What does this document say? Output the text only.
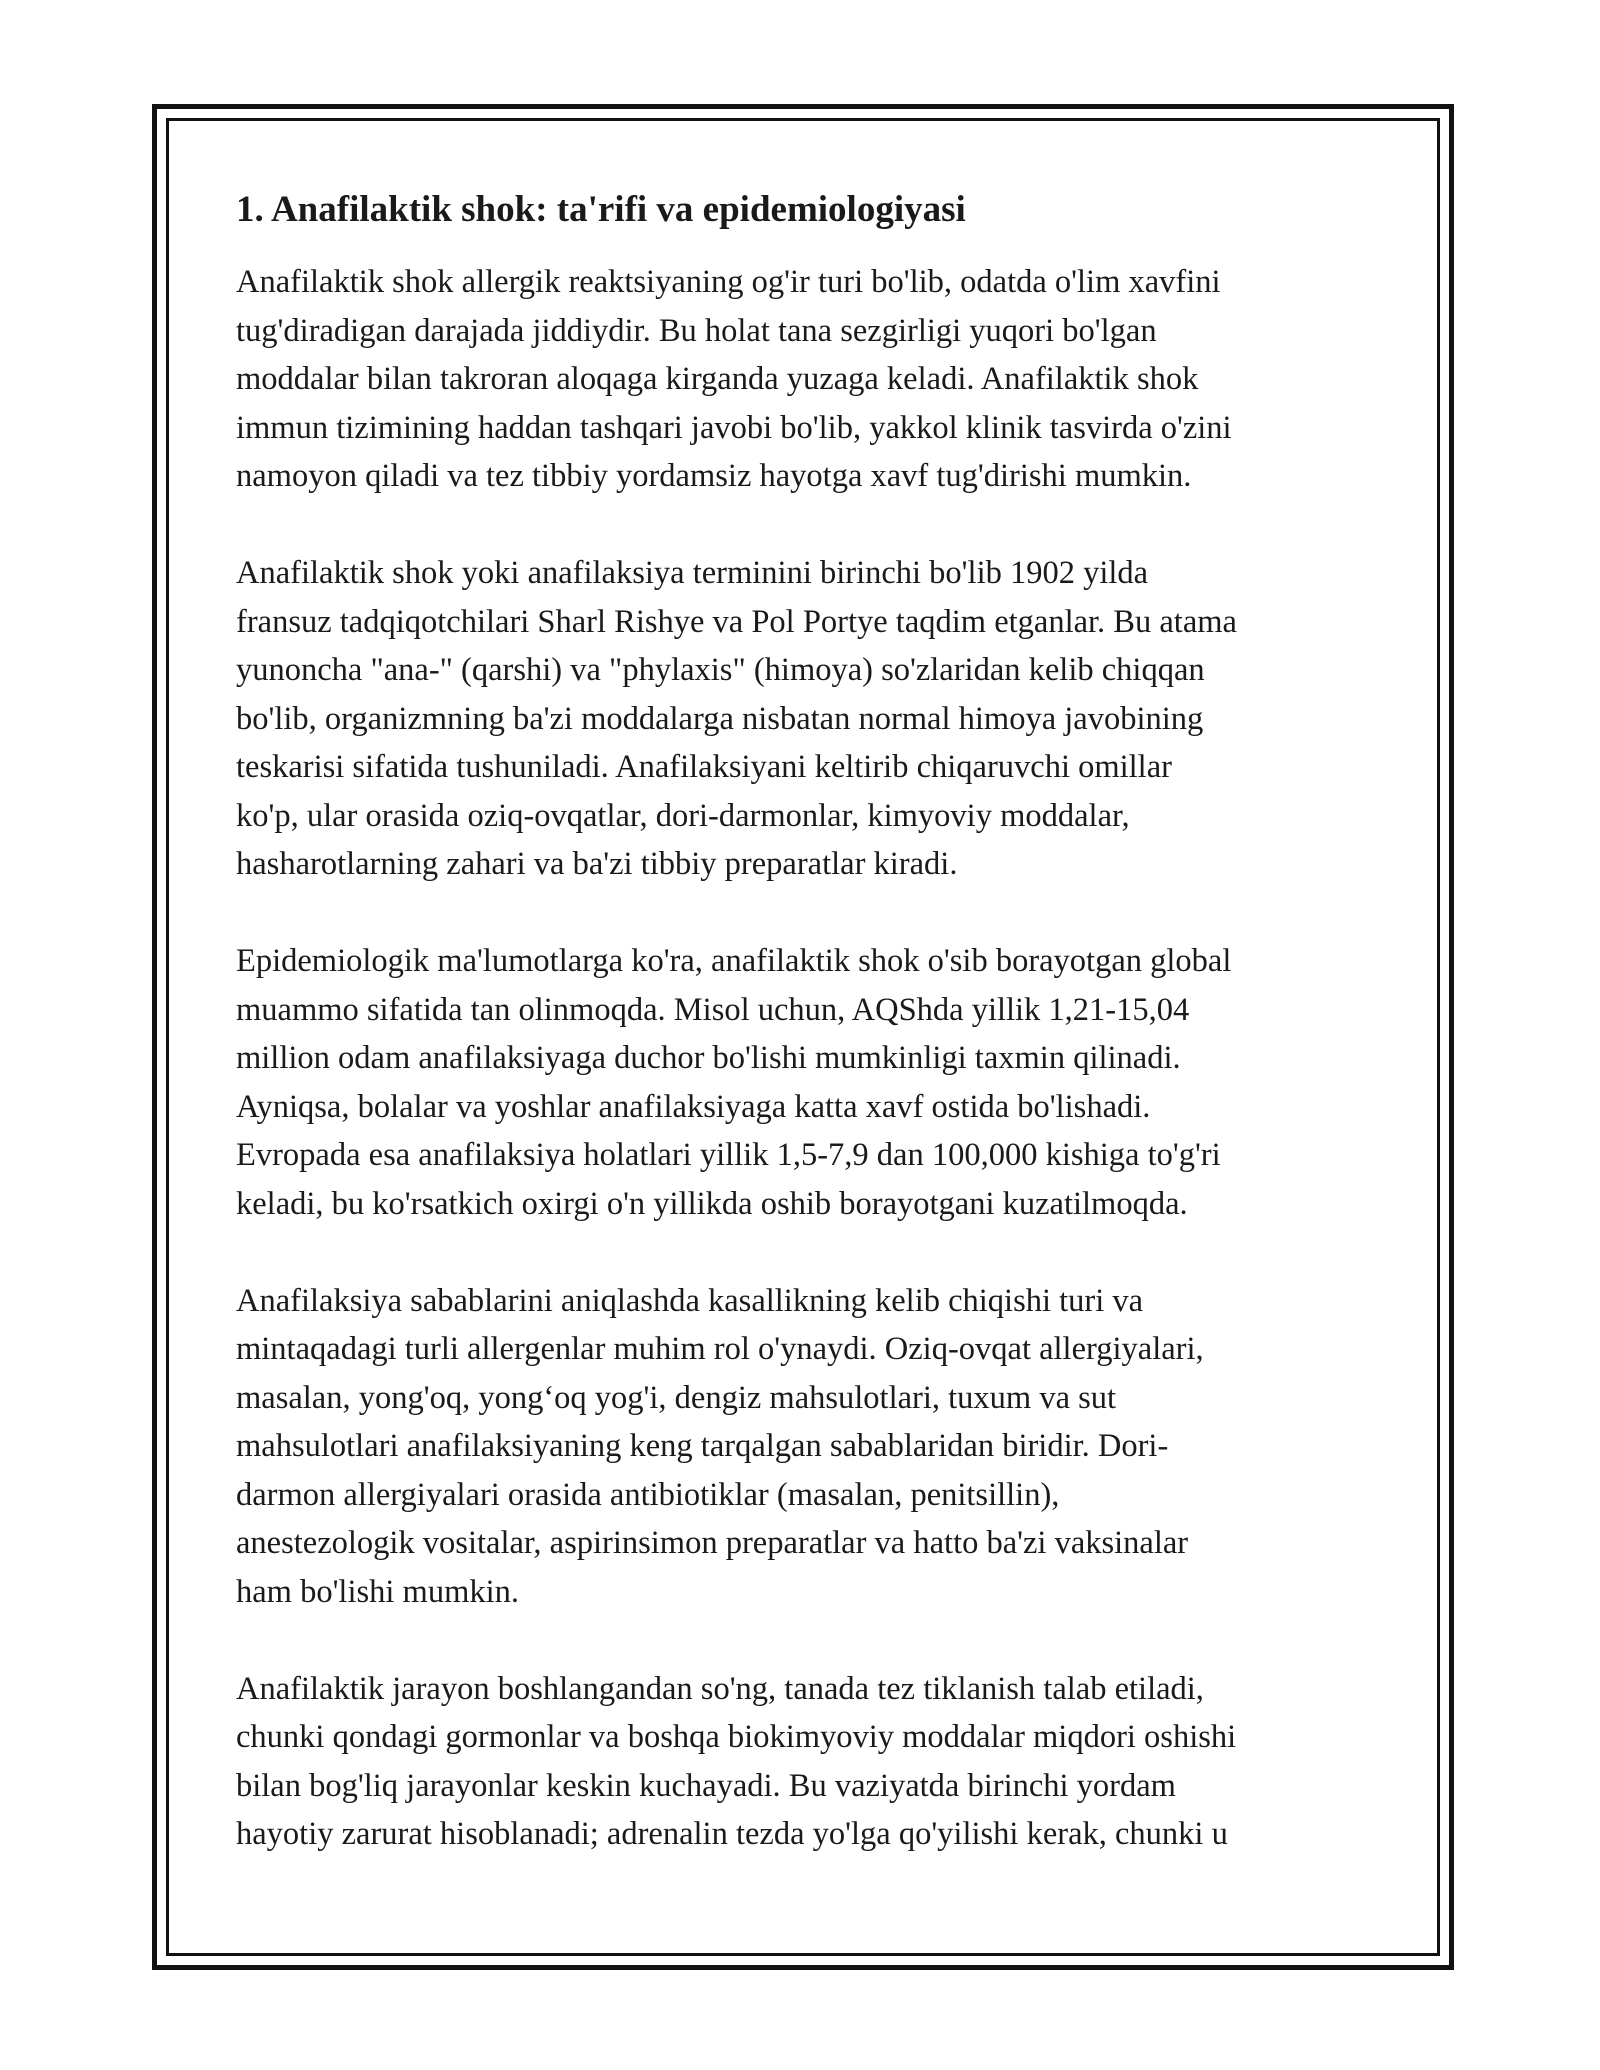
1. Anafilaktik shok: ta'rifi va epidemiologiyasi

Anafilaktik shok allergik reaktsiyaning og'ir turi bo'lib, odatda o'lim xavfini
tug'diradigan darajada jiddiydir. Bu holat tana sezgirligi yuqori bo'lgan
moddalar bilan takroran aloqaga kirganda yuzaga keladi. Anafilaktik shok
immun tizimining haddan tashqari javobi bo'lib, yakkol klinik tasvirda o'zini
namoyon qiladi va tez tibbiy yordamsiz hayotga xavf tug'dirishi mumkin.

Anafilaktik shok yoki anafilaksiya terminini birinchi bo'lib 1902 yilda
fransuz tadqiqotchilari Sharl Rishye va Pol Portye taqdim etganlar. Bu atama
yunoncha "ana-" (qarshi) va "phylaxis" (himoya) so'zlaridan kelib chiqqan
bo'lib, organizmning ba'zi moddalarga nisbatan normal himoya javobining
teskarisi sifatida tushuniladi. Anafilaksiyani keltirib chiqaruvchi omillar
ko'p, ular orasida oziq-ovqatlar, dori-darmonlar, kimyoviy moddalar,
hasharotlarning zahari va ba'zi tibbiy preparatlar kiradi.

Epidemiologik ma'lumotlarga ko'ra, anafilaktik shok o'sib borayotgan global
muammo sifatida tan olinmoqda. Misol uchun, AQShda yillik 1,21-15,04
million odam anafilaksiyaga duchor bo'lishi mumkinligi taxmin qilinadi.
Ayniqsa, bolalar va yoshlar anafilaksiyaga katta xavf ostida bo'lishadi.
Evropada esa anafilaksiya holatlari yillik 1,5-7,9 dan 100,000 kishiga to'g'ri
keladi, bu ko'rsatkich oxirgi o'n yillikda oshib borayotgani kuzatilmoqda.

Anafilaksiya sabablarini aniqlashda kasallikning kelib chiqishi turi va
mintaqadagi turli allergenlar muhim rol o'ynaydi. Oziq-ovqat allergiyalari,
masalan, yong'oq, yong‘oq yog'i, dengiz mahsulotlari, tuxum va sut
mahsulotlari anafilaksiyaning keng tarqalgan sabablaridan biridir. Dori-
darmon allergiyalari orasida antibiotiklar (masalan, penitsillin),
anestezologik vositalar, aspirinsimon preparatlar va hatto ba'zi vaksinalar
ham bo'lishi mumkin.

Anafilaktik jarayon boshlangandan so'ng, tanada tez tiklanish talab etiladi,
chunki qondagi gormonlar va boshqa biokimyoviy moddalar miqdori oshishi
bilan bog'liq jarayonlar keskin kuchayadi. Bu vaziyatda birinchi yordam
hayotiy zarurat hisoblanadi; adrenalin tezda yo'lga qo'yilishi kerak, chunki u
